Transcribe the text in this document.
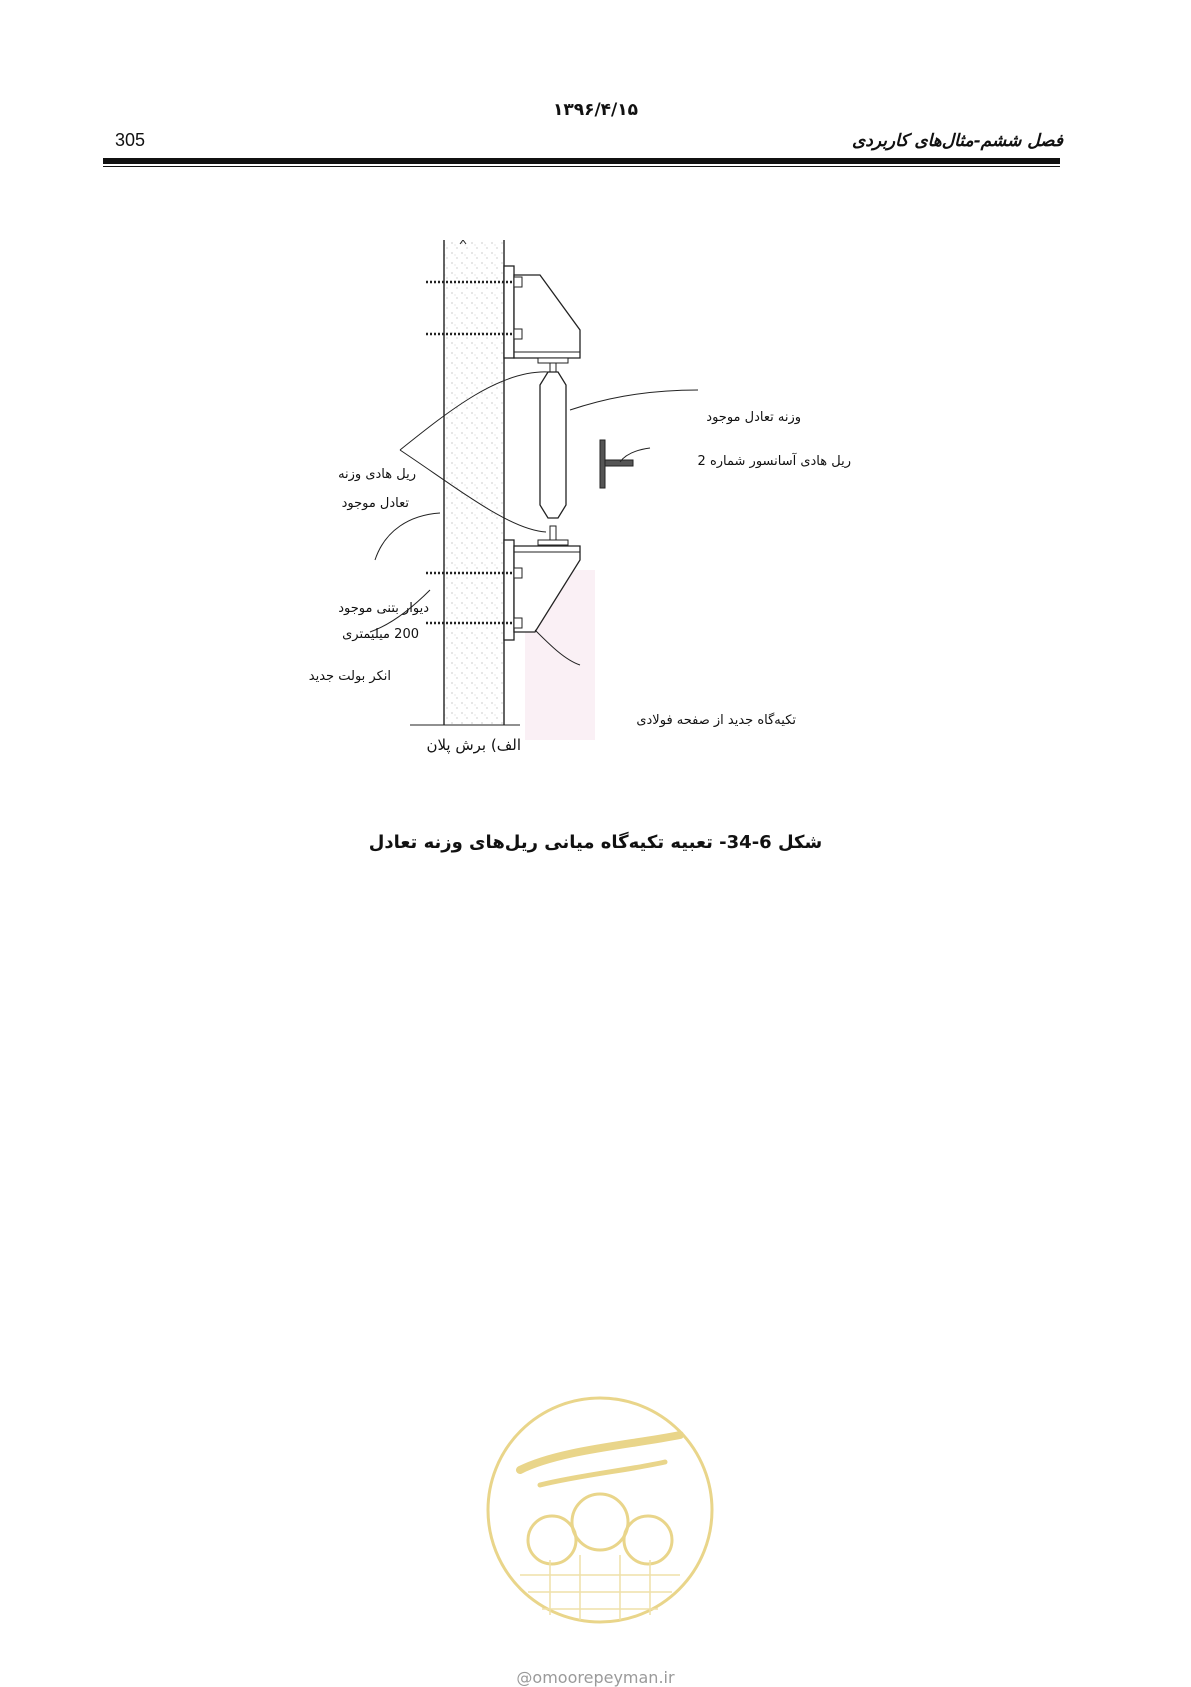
۱۳۹۶/۴/۱۵
305	فصل ششم-مثال‌های کاربردی
وزنه تعادل موجود
ریل هادی آسانسور شماره 2
ریل هادی وزنه
تعادل موجود
دیوار بتنی موجود
200 میلیمتری
انکر بولت جدید
تکیه‌گاه جدید از صفحه فولادی
الف) برش پلان
شکل 6-34- تعبیه تکیه‌گاه میانی ریل‌های وزنه تعادل
@omoorepeyman.ir
